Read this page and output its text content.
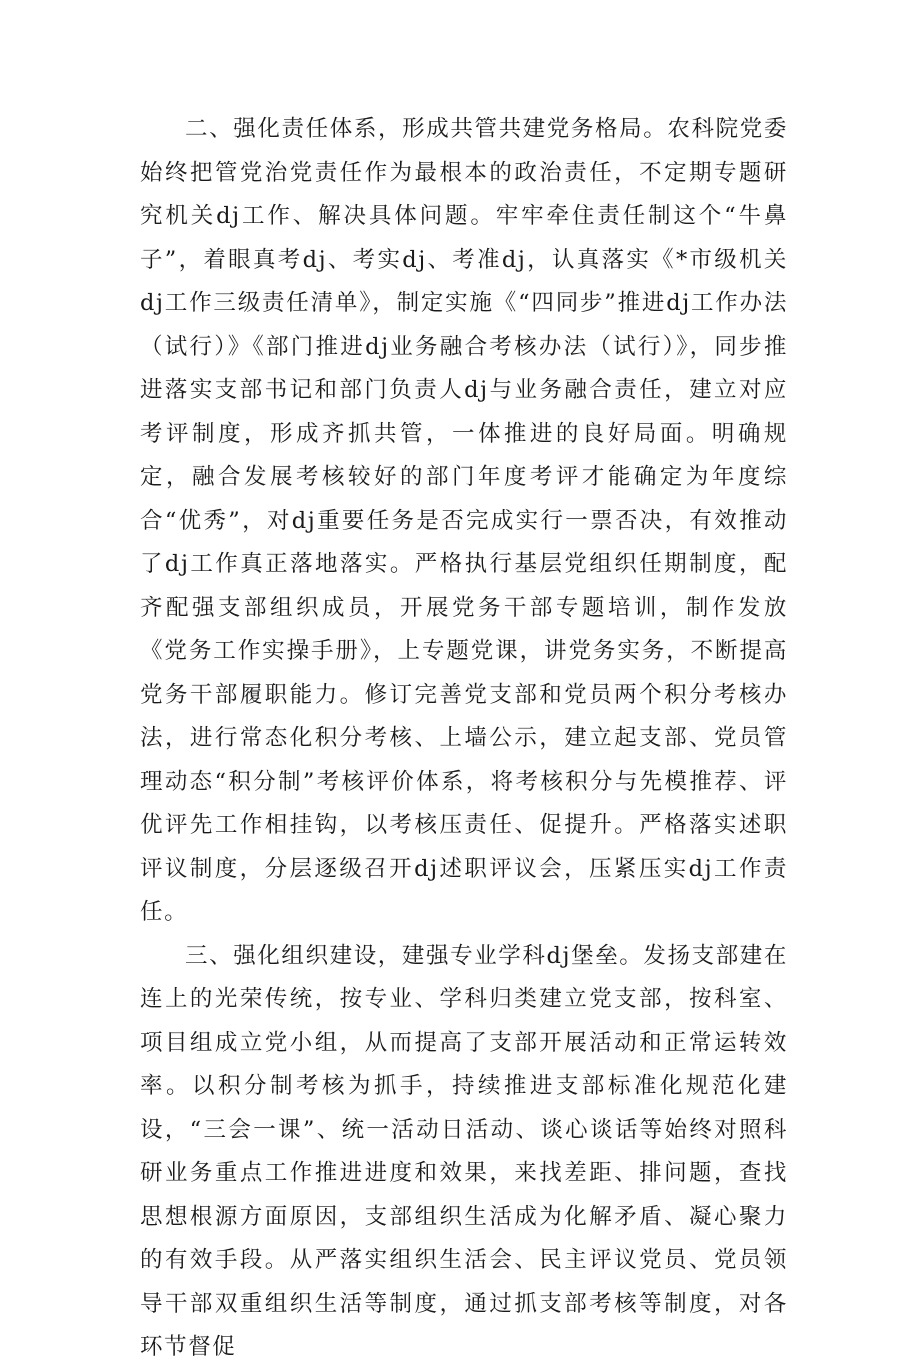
二、强化责任体系，形成共管共建党务格局。农科院党委始终把管党治党责任作为最根本的政治责任，不定期专题研究机关dj工作、解决具体问题。牢牢牵住责任制这个“牛鼻子”，着眼真考dj、考实dj、考准dj，认真落实《*市级机关dj工作三级责任清单》，制定实施《“四同步”推进dj工作办法（试行）》《部门推进dj业务融合考核办法（试行）》，同步推进落实支部书记和部门负责人dj与业务融合责任，建立对应考评制度，形成齐抓共管，一体推进的良好局面。明确规定，融合发展考核较好的部门年度考评才能确定为年度综合“优秀”，对dj重要任务是否完成实行一票否决，有效推动了dj工作真正落地落实。严格执行基层党组织任期制度，配齐配强支部组织成员，开展党务干部专题培训，制作发放《党务工作实操手册》，上专题党课，讲党务实务，不断提高党务干部履职能力。修订完善党支部和党员两个积分考核办法，进行常态化积分考核、上墙公示，建立起支部、党员管理动态“积分制”考核评价体系，将考核积分与先模推荐、评优评先工作相挂钩，以考核压责任、促提升。严格落实述职评议制度，分层逐级召开dj述职评议会，压紧压实dj工作责任。

三、强化组织建设，建强专业学科dj堡垒。发扬支部建在连上的光荣传统，按专业、学科归类建立党支部，按科室、项目组成立党小组，从而提高了支部开展活动和正常运转效率。以积分制考核为抓手，持续推进支部标准化规范化建设，“三会一课”、统一活动日活动、谈心谈话等始终对照科研业务重点工作推进进度和效果，来找差距、排问题，查找思想根源方面原因，支部组织生活成为化解矛盾、凝心聚力的有效手段。从严落实组织生活会、民主评议党员、党员领导干部双重组织生活等制度，通过抓支部考核等制度，对各环节督促
